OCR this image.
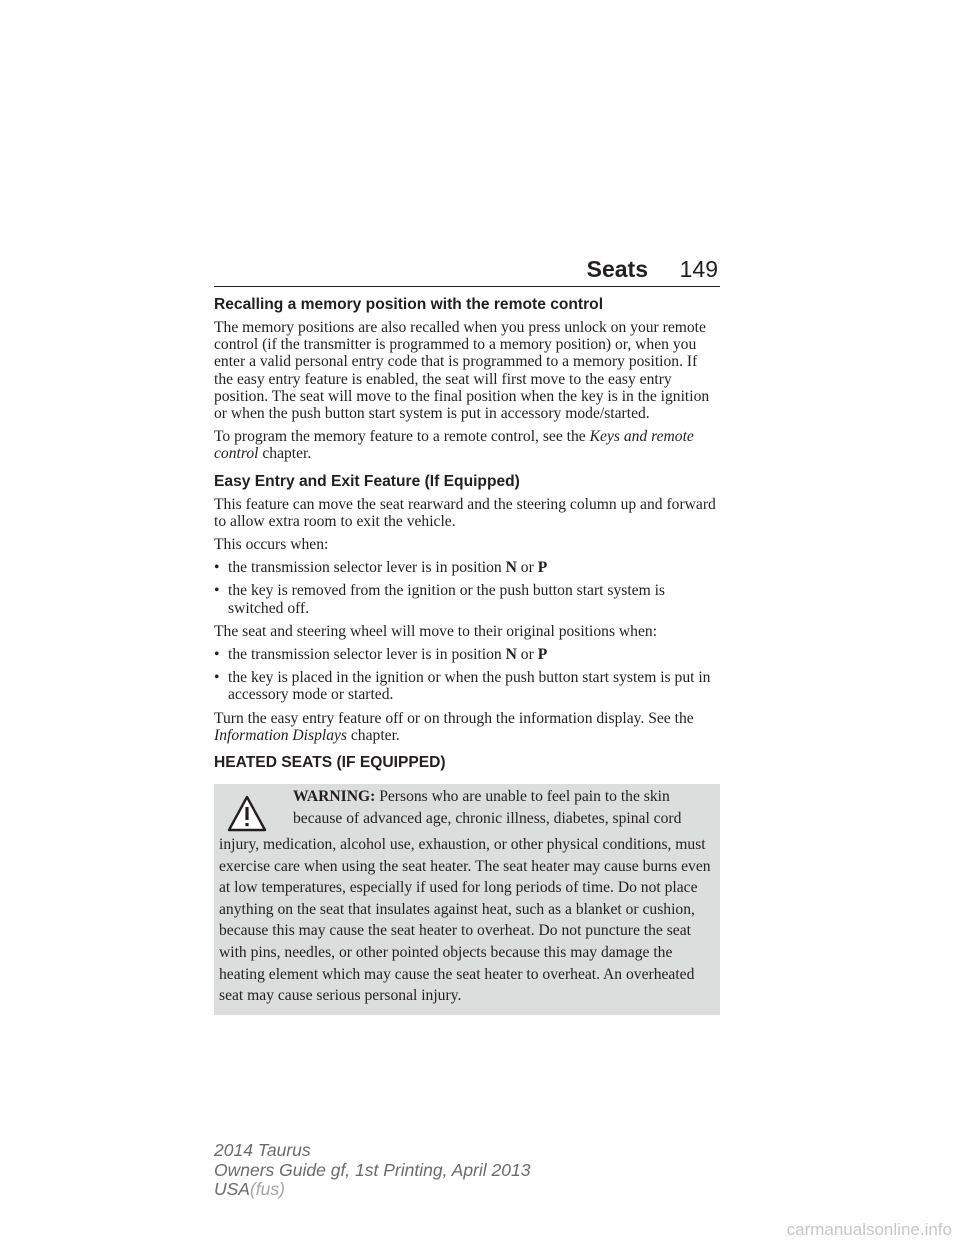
Seats 149
Recalling a memory position with the remote control

The memory positions are also recalled when you press unlock on your remote control (if the transmitter is programmed to a memory position) or, when you enter a valid personal entry code that is programmed to a memory position. If the easy entry feature is enabled, the seat will first move to the easy entry position. The seat will move to the final position when the key is in the ignition or when the push button start system is put in accessory mode/started.

To program the memory feature to a remote control, see the Keys and remote control chapter.

Easy Entry and Exit Feature (If Equipped)

This feature can move the seat rearward and the steering column up and forward to allow extra room to exit the vehicle.

This occurs when:

• the transmission selector lever is in position N or P
• the key is removed from the ignition or the push button start system is switched off.

The seat and steering wheel will move to their original positions when:

• the transmission selector lever is in position N or P
• the key is placed in the ignition or when the push button start system is put in accessory mode or started.

Turn the easy entry feature off or on through the information display. See the Information Displays chapter.

HEATED SEATS (IF EQUIPPED)
WARNING: Persons who are unable to feel pain to the skin
because of advanced age, chronic illness, diabetes, spinal cord
injury, medication, alcohol use, exhaustion, or other physical conditions, must exercise care when using the seat heater. The seat heater may cause burns even at low temperatures, especially if used for long periods of time. Do not place anything on the seat that insulates against heat, such as a blanket or cushion, because this may cause the seat heater to overheat. Do not puncture the seat with pins, needles, or other pointed objects because this may damage the heating element which may cause the seat heater to overheat. An overheated seat may cause serious personal injury.
2014 Taurus
Owners Guide gf, 1st Printing, April 2013
USA(fus)
carmanualsonline.info
